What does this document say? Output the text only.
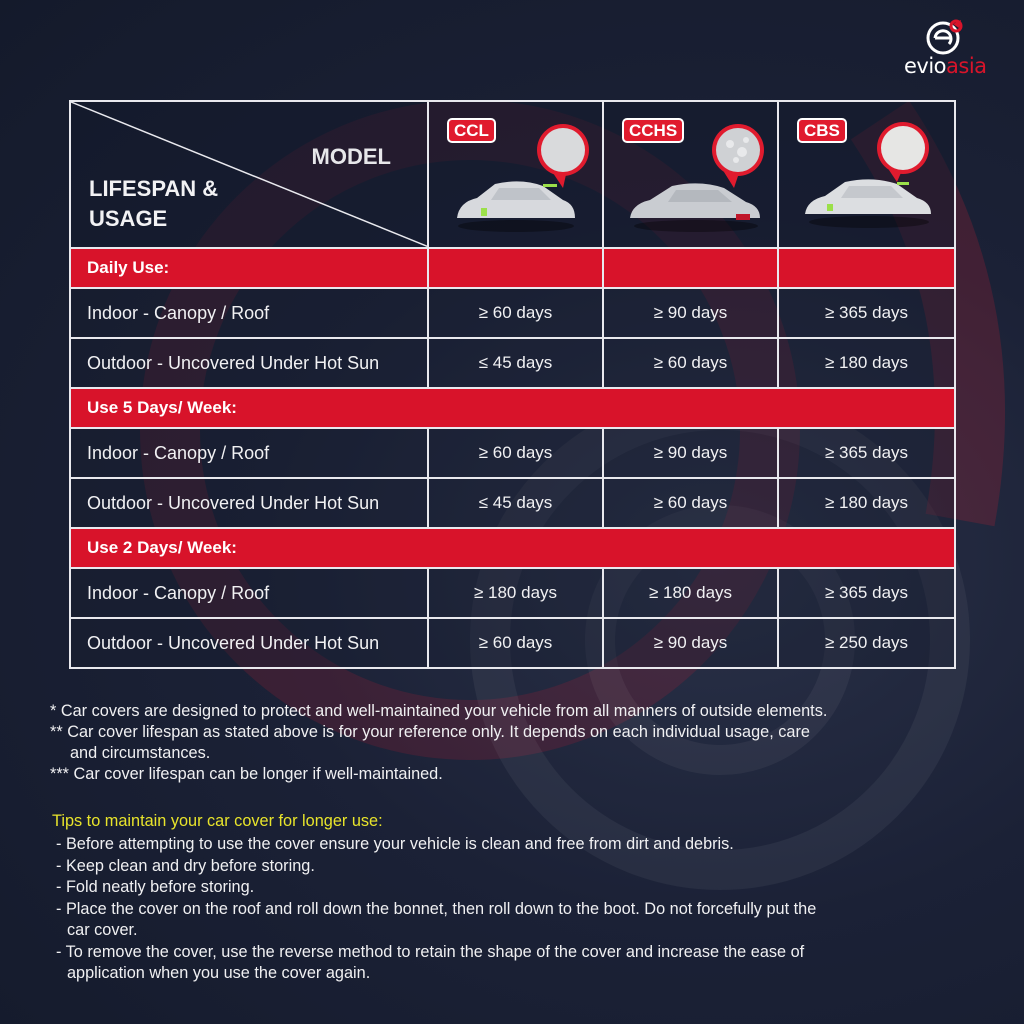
evioasia
MODEL
LIFESPAN &
USAGE	CCL	CCHS	CBS

Daily Use:			
Indoor - Canopy / Roof	≥ 60 days	≥ 90 days	≥ 365 days
Outdoor - Uncovered Under Hot Sun	≤ 45 days	≥ 60 days	≥ 180 days
Use 5 Days/ Week:			
Indoor - Canopy / Roof	≥ 60 days	≥ 90 days	≥ 365 days
Outdoor - Uncovered Under Hot Sun	≤ 45 days	≥ 60 days	≥ 180 days
Use 2 Days/ Week:			
Indoor - Canopy / Roof	≥ 180 days	≥ 180 days	≥ 365 days
Outdoor - Uncovered Under Hot Sun	≥ 60 days	≥ 90 days	≥ 250 days

* Car covers are designed to protect and well-maintained your vehicle from all manners of outside elements.

** Car cover lifespan as stated above is for your reference only. It depends on each individual usage, care

and circumstances.

*** Car cover lifespan can be longer if well-maintained.

Tips to maintain your car cover for longer use:

- Before attempting to use the cover ensure your vehicle is clean and free from dirt and debris.

- Keep clean and dry before storing.

- Fold neatly before storing.

- Place the cover on the roof and roll down the bonnet, then roll down to the boot. Do not forcefully put the

car cover.

- To remove the cover, use the reverse method to retain the shape of the cover and increase the ease of

application when you use the cover again.
